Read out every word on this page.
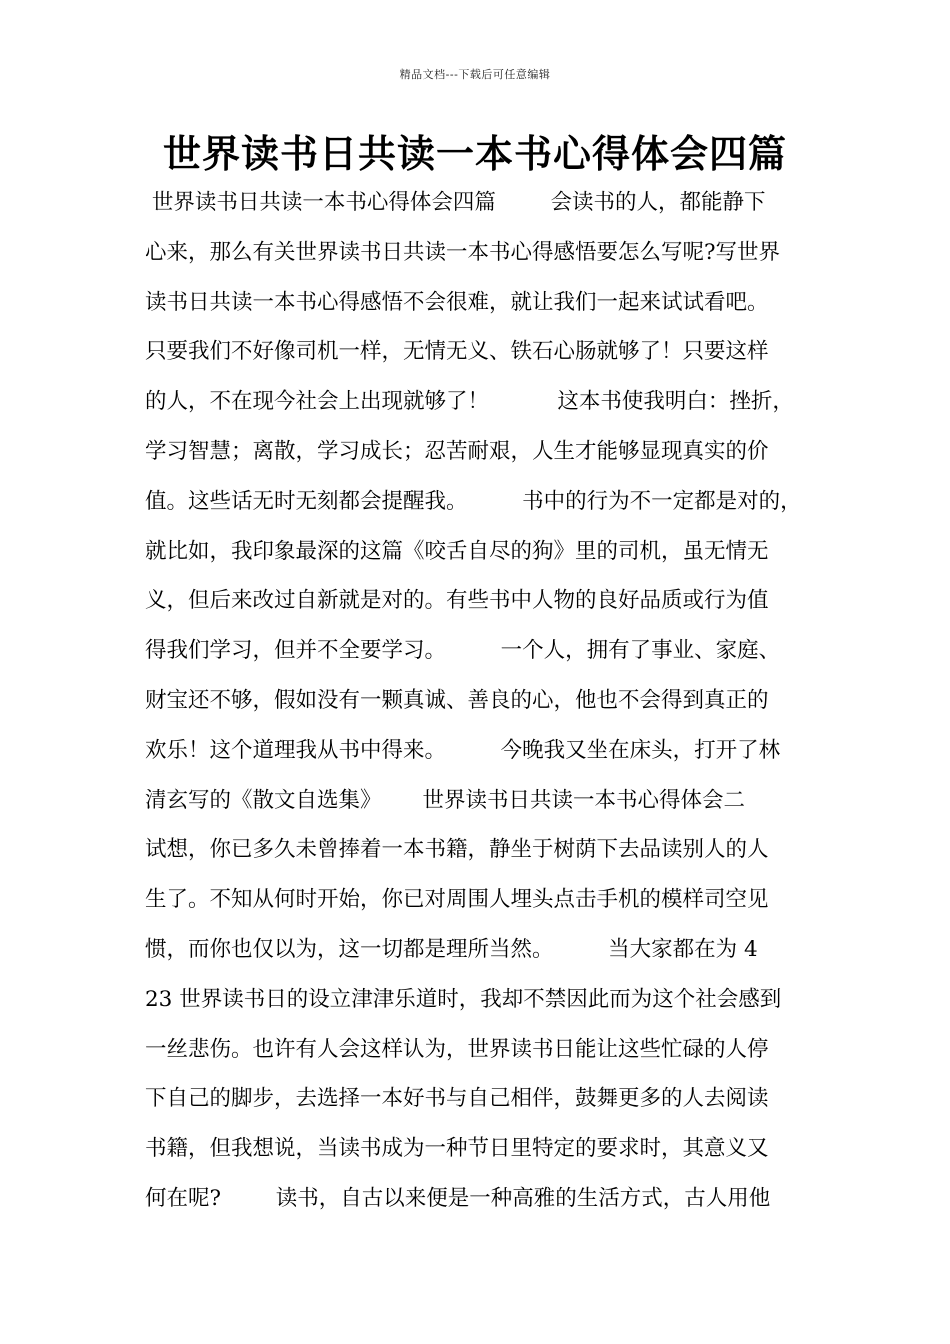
精品文档---下载后可任意编辑
世界读书日共读一本书心得体会四篇
世界读书日共读一本书心得体会四篇        会读书的人，都能静下
心来，那么有关世界读书日共读一本书心得感悟要怎么写呢?写世界
读书日共读一本书心得感悟不会很难，就让我们一起来试试看吧。
只要我们不好像司机一样，无情无义、铁石心肠就够了！只要这样
的人，不在现今社会上出现就够了！          这本书使我明白：挫折，
学习智慧；离散，学习成长；忍苦耐艰，人生才能够显现真实的价
值。这些话无时无刻都会提醒我。        书中的行为不一定都是对的，
就比如，我印象最深的这篇《咬舌自尽的狗》里的司机，虽无情无
义，但后来改过自新就是对的。有些书中人物的良好品质或行为值
得我们学习，但并不全要学习。        一个人，拥有了事业、家庭、
财宝还不够，假如没有一颗真诚、善良的心，他也不会得到真正的
欢乐！这个道理我从书中得来。        今晚我又坐在床头，打开了林
清玄写的《散文自选集》      世界读书日共读一本书心得体会二
试想，你已多久未曾捧着一本书籍，静坐于树荫下去品读别人的人
生了。不知从何时开始，你已对周围人埋头点击手机的模样司空见
惯，而你也仅以为，这一切都是理所当然。        当大家都在为 4
23 世界读书日的设立津津乐道时，我却不禁因此而为这个社会感到
一丝悲伤。也许有人会这样认为，世界读书日能让这些忙碌的人停
下自己的脚步，去选择一本好书与自己相伴，鼓舞更多的人去阅读
书籍，但我想说，当读书成为一种节日里特定的要求时，其意义又
何在呢?        读书，自古以来便是一种高雅的生活方式，古人用他
